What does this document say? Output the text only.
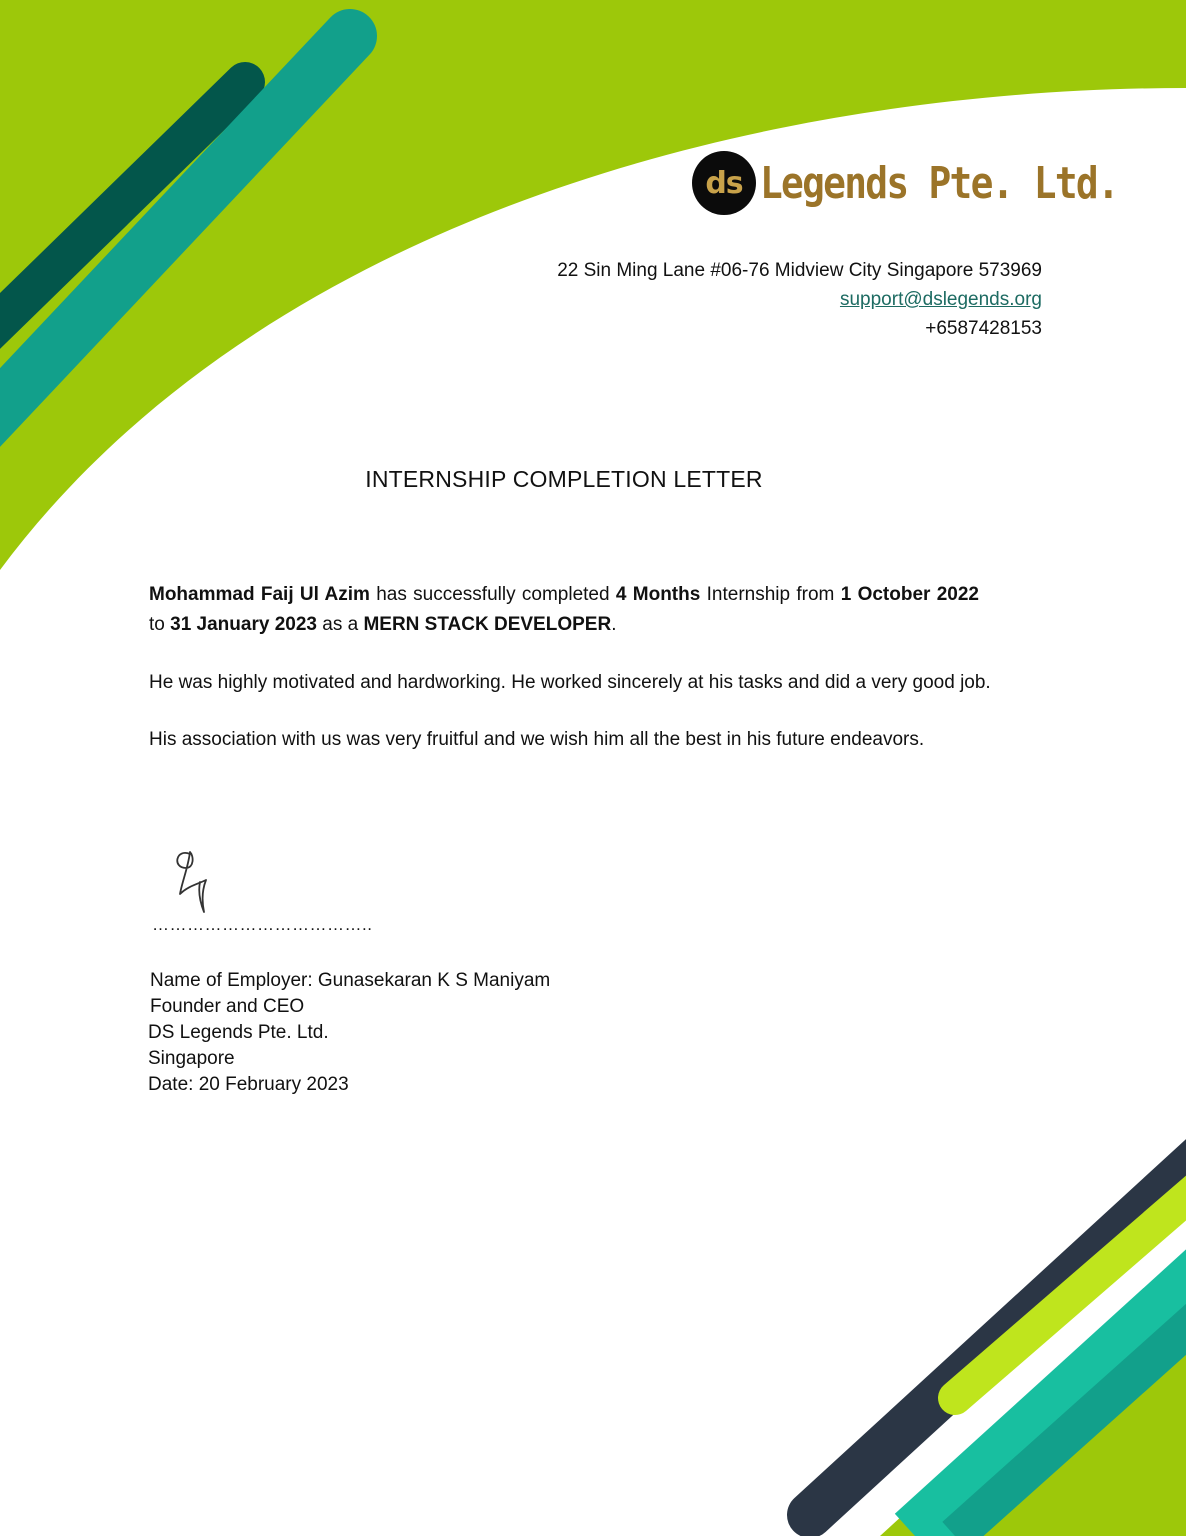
ds Legends Pte. Ltd.
22 Sin Ming Lane #06-76 Midview City Singapore 573969
support@dslegends.org
+6587428153
INTERNSHIP COMPLETION LETTER

Mohammad Faij Ul Azim has successfully completed 4 Months Internship from 1 October 2022 to 31 January 2023 as a MERN STACK DEVELOPER.

He was highly motivated and hardworking. He worked sincerely at his tasks and did a very good job.

His association with us was very fruitful and we wish him all the best in his future endeavors.

………………………………..
Name of Employer: Gunasekaran K S Maniyam
Founder and CEO
DS Legends Pte. Ltd.
Singapore
Date: 20 February 2023
